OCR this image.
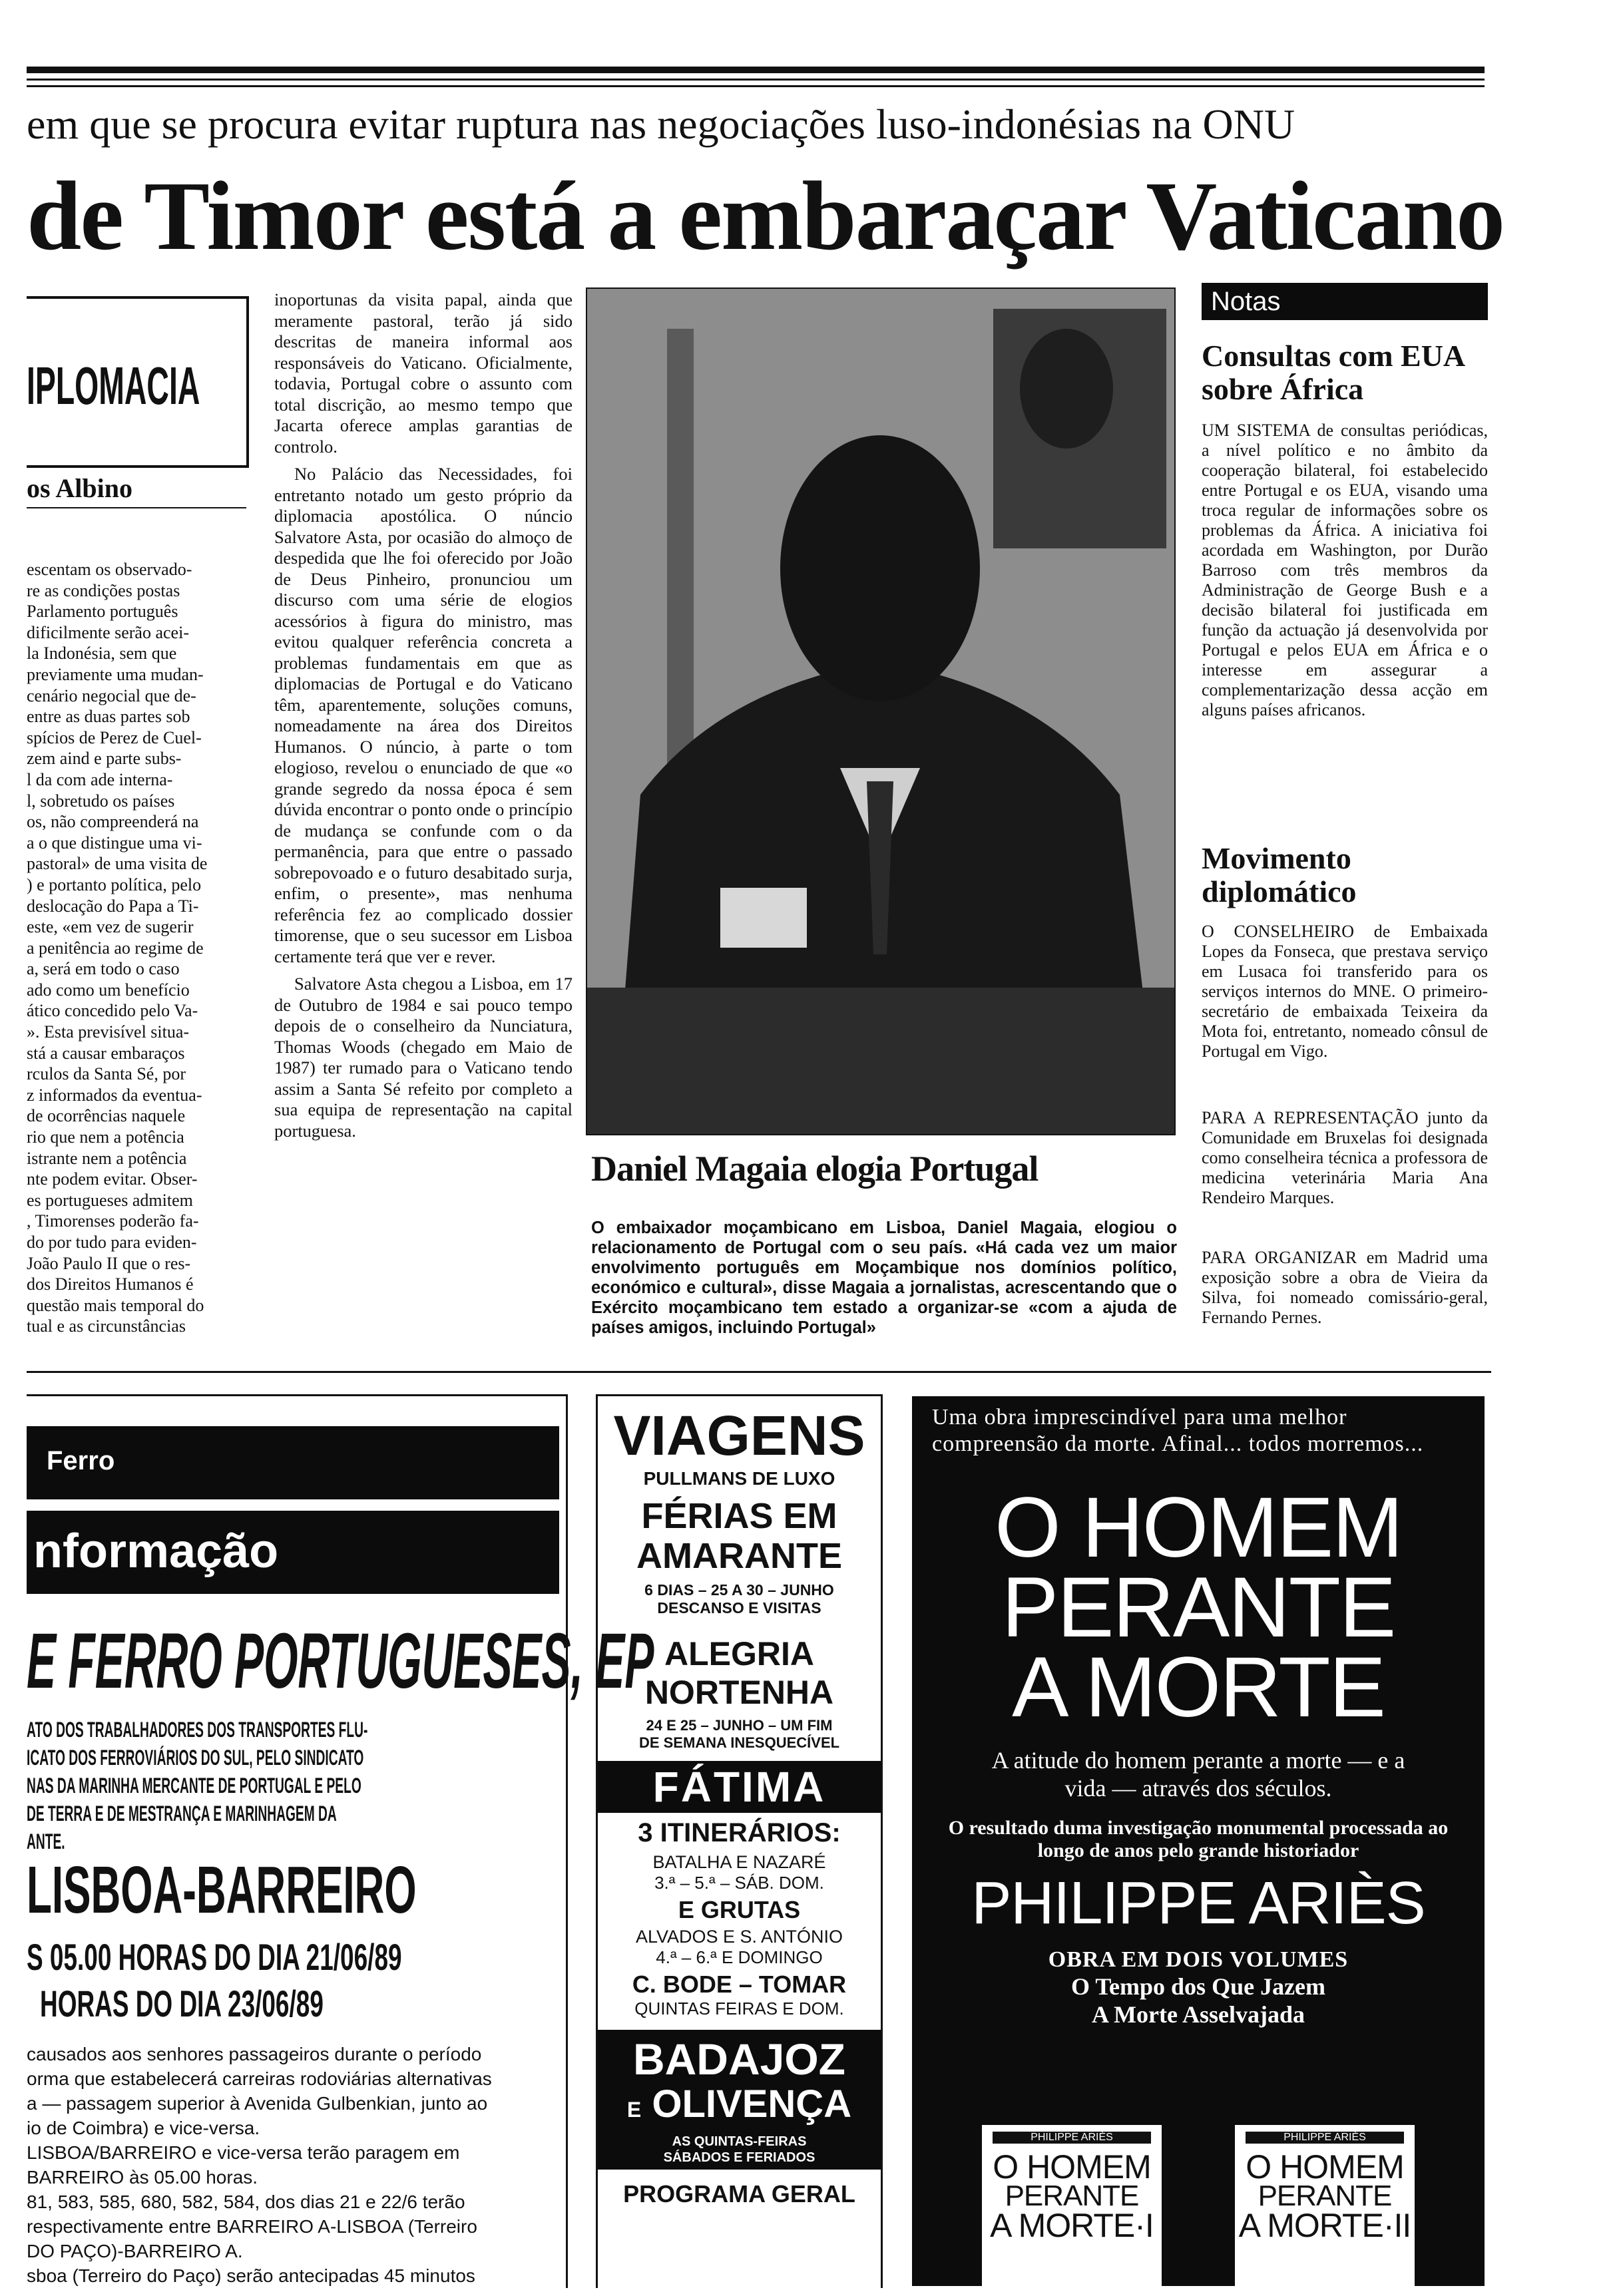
em que se procura evitar ruptura nas negociações luso-indonésias na ONU
de Timor está a embaraçar Vaticano
IPLOMACIA
os Albino
escentam os observado-
re as condições postas
Parlamento português
dificilmente serão acei-
la Indonésia, sem que
previamente uma mudan-
cenário negocial que de-
entre as duas partes sob
spícios de Perez de Cuel-
zem aind e parte subs-
l da com ade interna-
l, sobretudo os países
os, não compreenderá na
a o que distingue uma vi-
pastoral» de uma visita de
) e portanto política, pelo
deslocação do Papa a Ti-
este, «em vez de sugerir
a penitência ao regime de
a, será em todo o caso
ado como um benefício
ático concedido pelo Va-
». Esta previsível situa-
stá a causar embaraços
rculos da Santa Sé, por
z informados da eventua-
de ocorrências naquele
rio que nem a potência
istrante nem a potência
nte podem evitar. Obser-
es portugueses admitem
, Timorenses poderão fa-
do por tudo para eviden-
João Paulo II que o res-
dos Direitos Humanos é
questão mais temporal do
tual e as circunstâncias

inoportunas da visita papal, ainda que meramente pastoral, terão já sido descritas de maneira informal aos responsáveis do Vaticano. Oficialmente, todavia, Portugal cobre o assunto com total discrição, ao mesmo tempo que Jacarta oferece amplas garantias de controlo.

No Palácio das Necessidades, foi entretanto notado um gesto próprio da diplomacia apostólica. O núncio Salvatore Asta, por ocasião do almoço de despedida que lhe foi oferecido por João de Deus Pinheiro, pronunciou um discurso com uma série de elogios acessórios à figura do ministro, mas evitou qualquer referência concreta a problemas fundamentais em que as diplomacias de Portugal e do Vaticano têm, aparentemente, soluções comuns, nomeadamente na área dos Direitos Humanos. O núncio, à parte o tom elogioso, revelou o enunciado de que «o grande segredo da nossa época é sem dúvida encontrar o ponto onde o princípio de mudança se confunde com o da permanência, para que entre o passado sobrepovoado e o futuro desabitado surja, enfim, o presente», mas nenhuma referência fez ao complicado dossier timorense, que o seu sucessor em Lisboa certamente terá que ver e rever.

Salvatore Asta chegou a Lisboa, em 17 de Outubro de 1984 e sai pouco tempo depois de o conselheiro da Nunciatura, Thomas Woods (chegado em Maio de 1987) ter rumado para o Vaticano tendo assim a Santa Sé refeito por completo a sua equipa de representação na capital portuguesa.

Daniel Magaia elogia Portugal
O embaixador moçambicano em Lisboa, Daniel Magaia, elogiou o relacionamento de Portugal com o seu país. «Há cada vez um maior envolvimento português em Moçambique nos domínios político, económico e cultural», disse Magaia a jornalistas, acrescentando que o Exército moçambicano tem estado a organizar-se «com a ajuda de países amigos, incluindo Portugal»
Notas
Consultas com EUA sobre África
UM SISTEMA de consultas periódicas, a nível político e no âmbito da cooperação bilateral, foi estabelecido entre Portugal e os EUA, visando uma troca regular de informações sobre os problemas da África. A iniciativa foi acordada em Washington, por Durão Barroso com três membros da Administração de George Bush e a decisão bilateral foi justificada em função da actuação já desenvolvida por Portugal e pelos EUA em África e o interesse em assegurar a complementarização dessa acção em alguns países africanos.
Movimento diplomático
O CONSELHEIRO de Embaixada Lopes da Fonseca, que prestava serviço em Lusaca foi transferido para os serviços internos do MNE. O primeiro-secretário de embaixada Teixeira da Mota foi, entretanto, nomeado cônsul de Portugal em Vigo.
PARA A REPRESENTAÇÃO junto da Comunidade em Bruxelas foi designada como conselheira técnica a professora de medicina veterinária Maria Ana Rendeiro Marques.
PARA ORGANIZAR em Madrid uma exposição sobre a obra de Vieira da Silva, foi nomeado comissário-geral, Fernando Pernes.
Ferro
nformação
E FERRO PORTUGUESES, EP
ATO DOS TRABALHADORES DOS TRANSPORTES FLU-
ICATO DOS FERROVIÁRIOS DO SUL, PELO SINDICATO
NAS DA MARINHA MERCANTE DE PORTUGAL E PELO
DE TERRA E DE MESTRANÇA E MARINHAGEM DA
ANTE.
LISBOA-BARREIRO
S 05.00 HORAS DO DIA 21/06/89
HORAS DO DIA 23/06/89
causados aos senhores passageiros durante o período
orma que estabelecerá carreiras rodoviárias alternativas
a — passagem superior à Avenida Gulbenkian, junto ao
io de Coimbra) e vice-versa.
LISBOA/BARREIRO e vice-versa terão paragem em
BARREIRO às 05.00 horas.
81, 583, 585, 680, 582, 584, dos dias 21 e 22/6 terão
respectivamente entre BARREIRO A-LISBOA (Terreiro
DO PAÇO)-BARREIRO A.
sboa (Terreiro do Paço) serão antecipadas 45 minutos
VIAGENS
PULLMANS DE LUXO
FÉRIAS EM AMARANTE
6 DIAS – 25 A 30 – JUNHO
DESCANSO E VISITAS
ALEGRIA NORTENHA
24 E 25 – JUNHO – UM FIM
DE SEMANA INESQUECÍVEL
FÁTIMA
3 ITINERÁRIOS:
BATALHA E NAZARÉ
3.ª – 5.ª – SÁB. DOM.
E GRUTAS
ALVADOS E S. ANTÓNIO
4.ª – 6.ª E DOMINGO
C. BODE – TOMAR
QUINTAS FEIRAS E DOM.
BADAJOZ
E OLIVENÇA
AS QUINTAS-FEIRAS SÁBADOS E FERIADOS
PROGRAMA GERAL
Uma obra imprescindível para uma melhor compreensão da morte. Afinal... todos morremos...
O HOMEM
PERANTE
A MORTE
A atitude do homem perante a morte — e a vida — através dos séculos.
O resultado duma investigação monumental processada ao longo de anos pelo grande historiador
PHILIPPE ARIÈS
OBRA EM DOIS VOLUMES
O Tempo dos Que Jazem
A Morte Asselvajada
PHILIPPE ARIÈS
O HOMEM
PERANTE
A MORTE·I
PHILIPPE ARIÈS
O HOMEM
PERANTE
A MORTE·II
